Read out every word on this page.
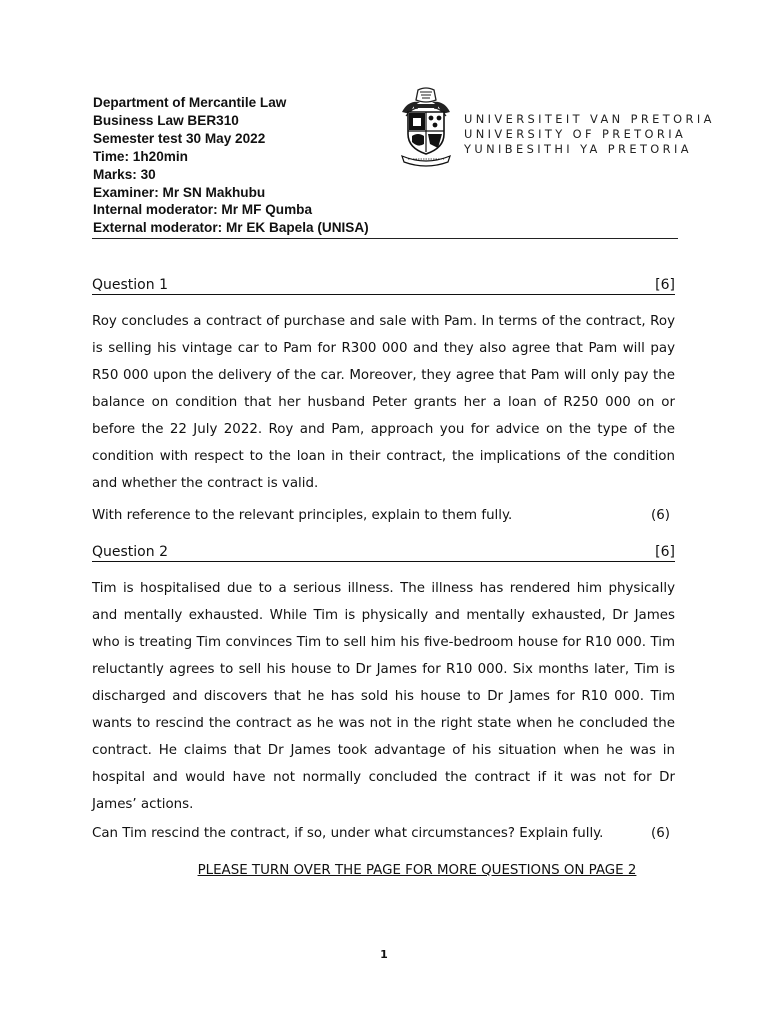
Department of Mercantile Law
Business Law BER310
Semester test 30 May 2022
Time: 1h20min
Marks: 30
Examiner: Mr SN Makhubu
Internal moderator: Mr MF Qumba
External moderator: Mr EK Bapela (UNISA)
UNIVERSITEIT VAN PRETORIA
UNIVERSITY OF PRETORIA
YUNIBESITHI YA PRETORIA
Question 1	[6]

Roy concludes a contract of purchase and sale with Pam. In terms of the contract, Roy is selling his vintage car to Pam for R300 000 and they also agree that Pam will pay R50 000 upon the delivery of the car. Moreover, they agree that Pam will only pay the balance on condition that her husband Peter grants her a loan of R250 000 on or before the 22 July 2022. Roy and Pam, approach you for advice on the type of the condition with respect to the loan in their contract, the implications of the condition and whether the contract is valid.

With reference to the relevant principles, explain to them fully.	(6)
Question 2	[6]

Tim is hospitalised due to a serious illness. The illness has rendered him physically and mentally exhausted. While Tim is physically and mentally exhausted, Dr James who is treating Tim convinces Tim to sell him his five-bedroom house for R10 000. Tim reluctantly agrees to sell his house to Dr James for R10 000. Six months later, Tim is discharged and discovers that he has sold his house to Dr James for R10 000. Tim wants to rescind the contract as he was not in the right state when he concluded the contract. He claims that Dr James took advantage of his situation when he was in hospital and would have not normally concluded the contract if it was not for Dr James’ actions.

Can Tim rescind the contract, if so, under what circumstances? Explain fully.	(6)
PLEASE TURN OVER THE PAGE FOR MORE QUESTIONS ON PAGE 2
1
